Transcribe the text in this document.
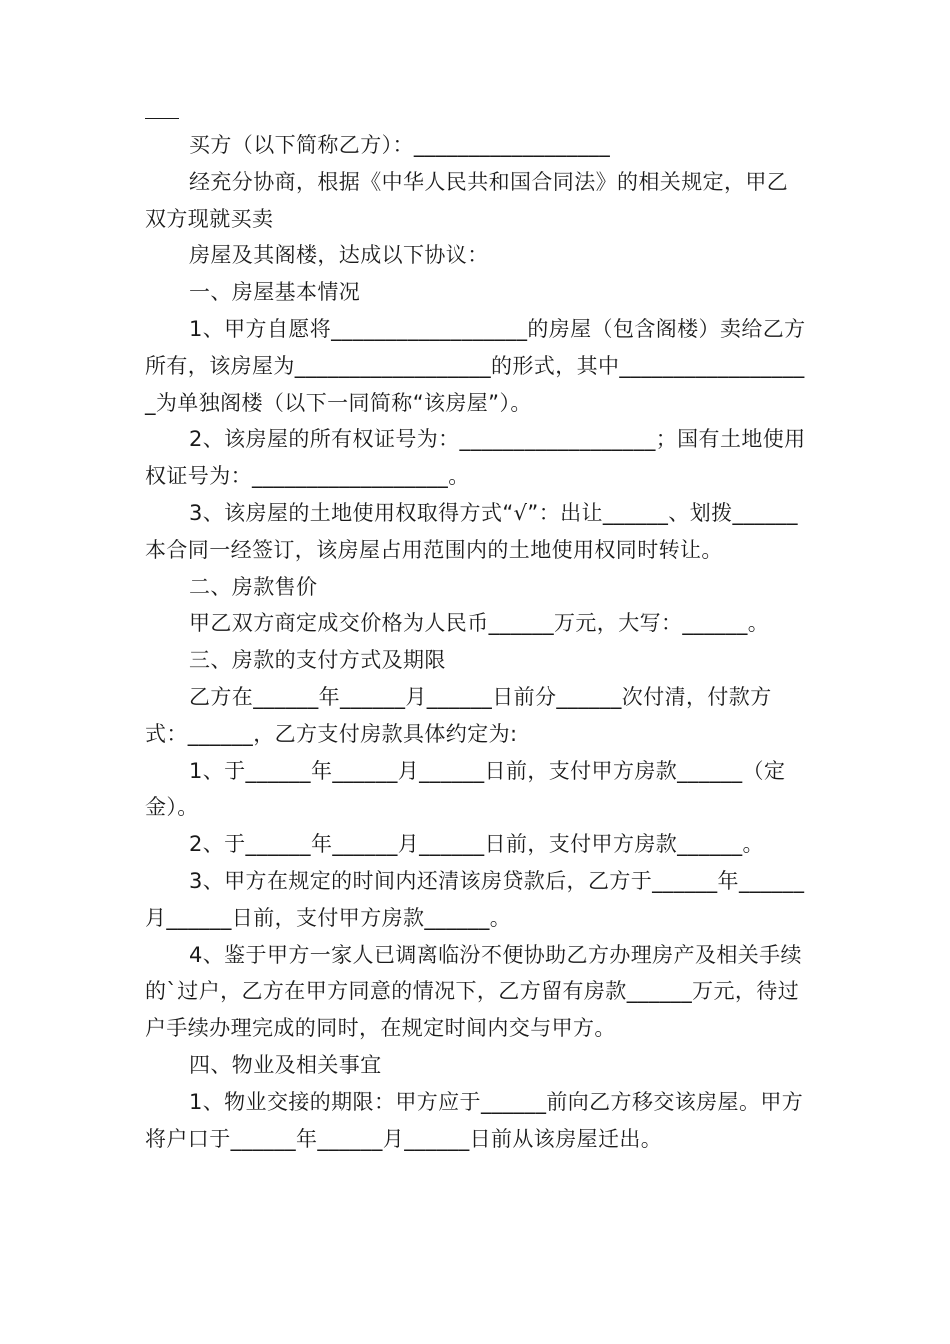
买方（以下简称乙方）：__________________

经充分协商，根据《中华人民共和国合同法》的相关规定，甲乙双方现就买卖

房屋及其阁楼，达成以下协议：

一、房屋基本情况

1、甲方自愿将__________________的房屋（包含阁楼）卖给乙方所有，该房屋为__________________的形式，其中__________________为单独阁楼（以下一同简称“该房屋”）。

2、该房屋的所有权证号为：__________________；国有土地使用权证号为：__________________。

3、该房屋的土地使用权取得方式“√”：出让______、划拨______本合同一经签订，该房屋占用范围内的土地使用权同时转让。

二、房款售价

甲乙双方商定成交价格为人民币______万元，大写：______。

三、房款的支付方式及期限

乙方在______年______月______日前分______次付清，付款方式：______，乙方支付房款具体约定为:

1、于______年______月______日前，支付甲方房款______（定金）。

2、于______年______月______日前，支付甲方房款______。

3、甲方在规定的时间内还清该房贷款后，乙方于______年______月______日前，支付甲方房款______。

4、鉴于甲方一家人已调离临汾不便协助乙方办理房产及相关手续的`过户，乙方在甲方同意的情况下，乙方留有房款______万元，待过户手续办理完成的同时，在规定时间内交与甲方。

四、物业及相关事宜

1、物业交接的期限：甲方应于______前向乙方移交该房屋。甲方将户口于______年______月______日前从该房屋迁出。
